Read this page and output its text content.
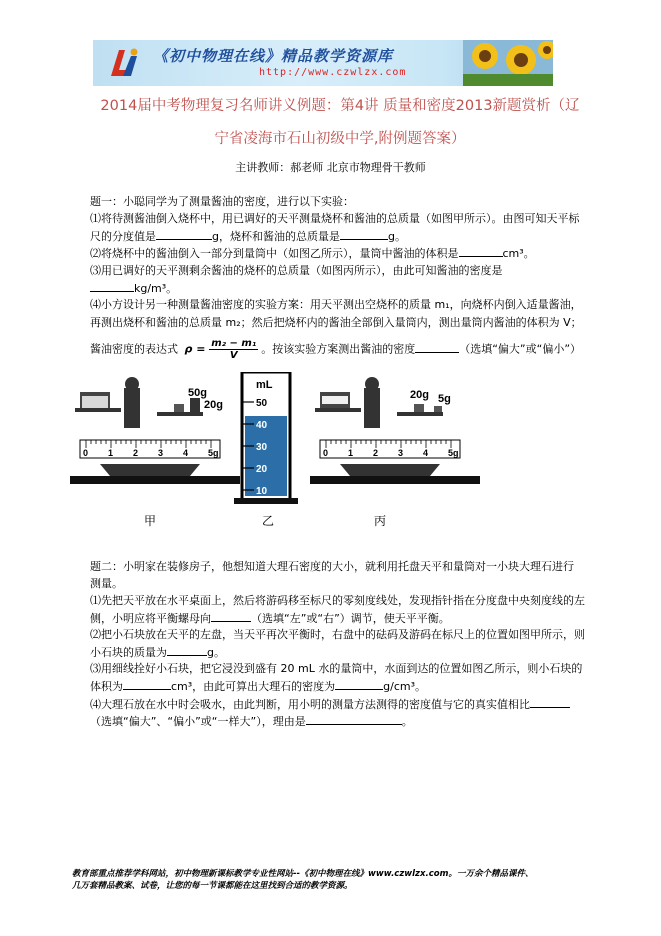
《初中物理在线》精品教学资源库
http://www.czwlzx.com
2014届中考物理复习名师讲义例题：第4讲 质量和密度2013新题赏析（辽
宁省凌海市石山初级中学,附例题答案）
主讲教师：郝老师 北京市物理骨干教师
题一：小聪同学为了测量酱油的密度，进行以下实验：
⑴将待测酱油倒入烧杯中，用已调好的天平测量烧杯和酱油的总质量（如图甲所示）。由图可知天平标
尺的分度值是	g，烧杯和酱油的总质量是	g。
⑵将烧杯中的酱油倒入一部分到量筒中（如图乙所示），量筒中酱油的体积是	cm³。
⑶用已调好的天平测剩余酱油的烧杯的总质量（如图丙所示），由此可知酱油的密度是
kg/m³。
⑷小方设计另一种测量酱油密度的实验方案：用天平测出空烧杯的质量 m₁，向烧杯内倒入适量酱油，
再测出烧杯和酱油的总质量 m₂；然后把烧杯内的酱油全部倒入量筒内，测出量筒内酱油的体积为 V；
酱油密度的表达式 $\rho = \frac{\text{m₂ − m₁}}{V}$ 。按该实验方案测出酱油的密度	（选填“偏大”或“偏小”）
50g
20g
0 1 2 3 4 5g
mL
50
40
30
20
10
20g 5g
0 1 2 3 4 5g
甲	乙	丙
题二：小明家在装修房子，他想知道大理石密度的大小，就利用托盘天平和量筒对一小块大理石进行
测量。
⑴先把天平放在水平桌面上，然后将游码移至标尺的零刻度线处，发现指针指在分度盘中央刻度线的左
侧，小明应将平衡螺母向	（选填“左”或“右”）调节，使天平平衡。
⑵把小石块放在天平的左盘，当天平再次平衡时，右盘中的砝码及游码在标尺上的位置如图甲所示，则
小石块的质量为	g。
⑶用细线拴好小石块，把它浸没到盛有 20 mL 水的量筒中，水面到达的位置如图乙所示，则小石块的
体积为	cm³，由此可算出大理石的密度为	g/cm³。
⑷大理石放在水中时会吸水，由此判断，用小明的测量方法测得的密度值与它的真实值相比
（选填“偏大”、“偏小”或“一样大”），理由是	。
教育部重点推荐学科网站，初中物理新课标教学专业性网站--《初中物理在线》www.czwlzx.com。一万余个精品课件、
几万套精品教案、试卷，让您的每一节课都能在这里找到合适的教学资源。
